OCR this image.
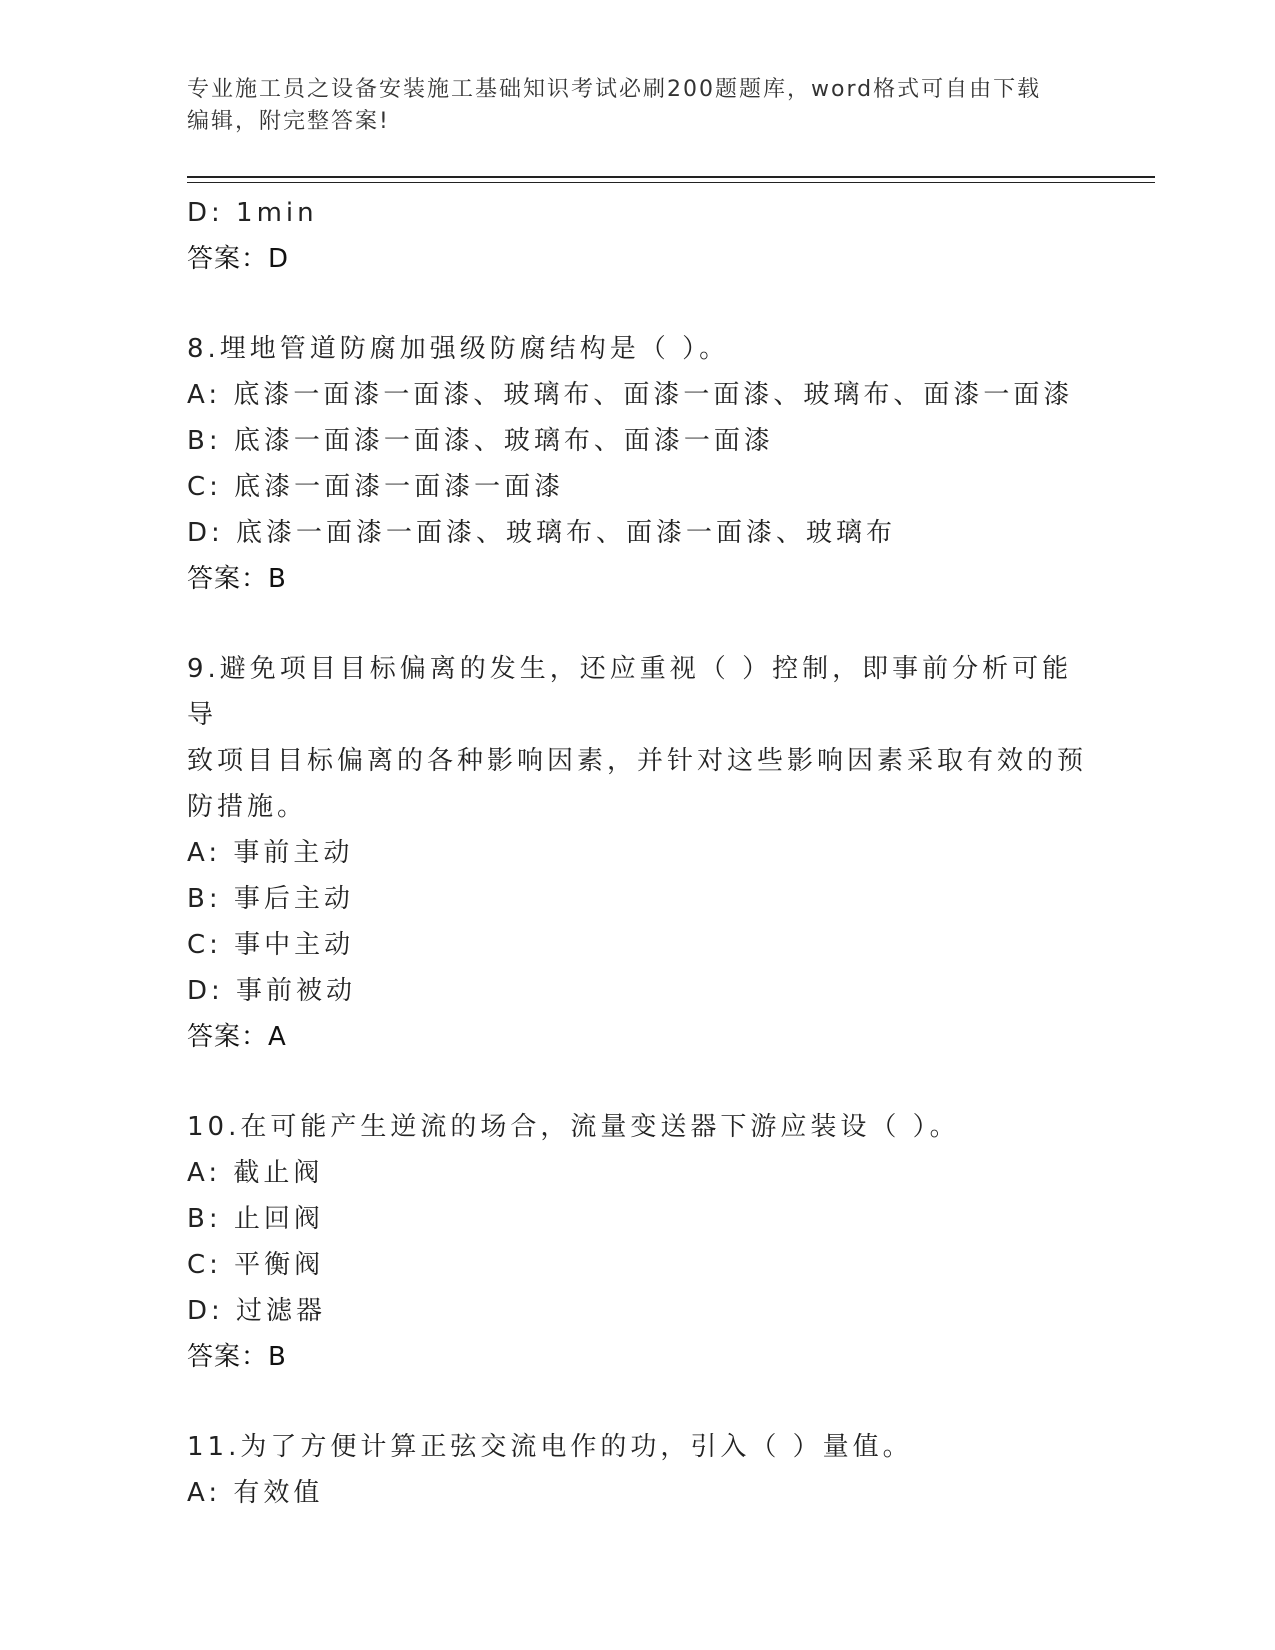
专业施工员之设备安装施工基础知识考试必刷200题题库，word格式可自由下载
编辑，附完整答案!
D: 1min
答案：D
8.埋地管道防腐加强级防腐结构是（ ）。
A: 底漆一面漆一面漆、玻璃布、面漆一面漆、玻璃布、面漆一面漆
B: 底漆一面漆一面漆、玻璃布、面漆一面漆
C: 底漆一面漆一面漆一面漆
D: 底漆一面漆一面漆、玻璃布、面漆一面漆、玻璃布
答案：B
9.避免项目目标偏离的发生，还应重视（ ）控制，即事前分析可能导
致项目目标偏离的各种影响因素，并针对这些影响因素采取有效的预
防措施。
A: 事前主动
B: 事后主动
C: 事中主动
D: 事前被动
答案：A
10.在可能产生逆流的场合，流量变送器下游应装设（ ）。
A: 截止阀
B: 止回阀
C: 平衡阀
D: 过滤器
答案：B
11.为了方便计算正弦交流电作的功，引入（ ）量值。
A: 有效值
